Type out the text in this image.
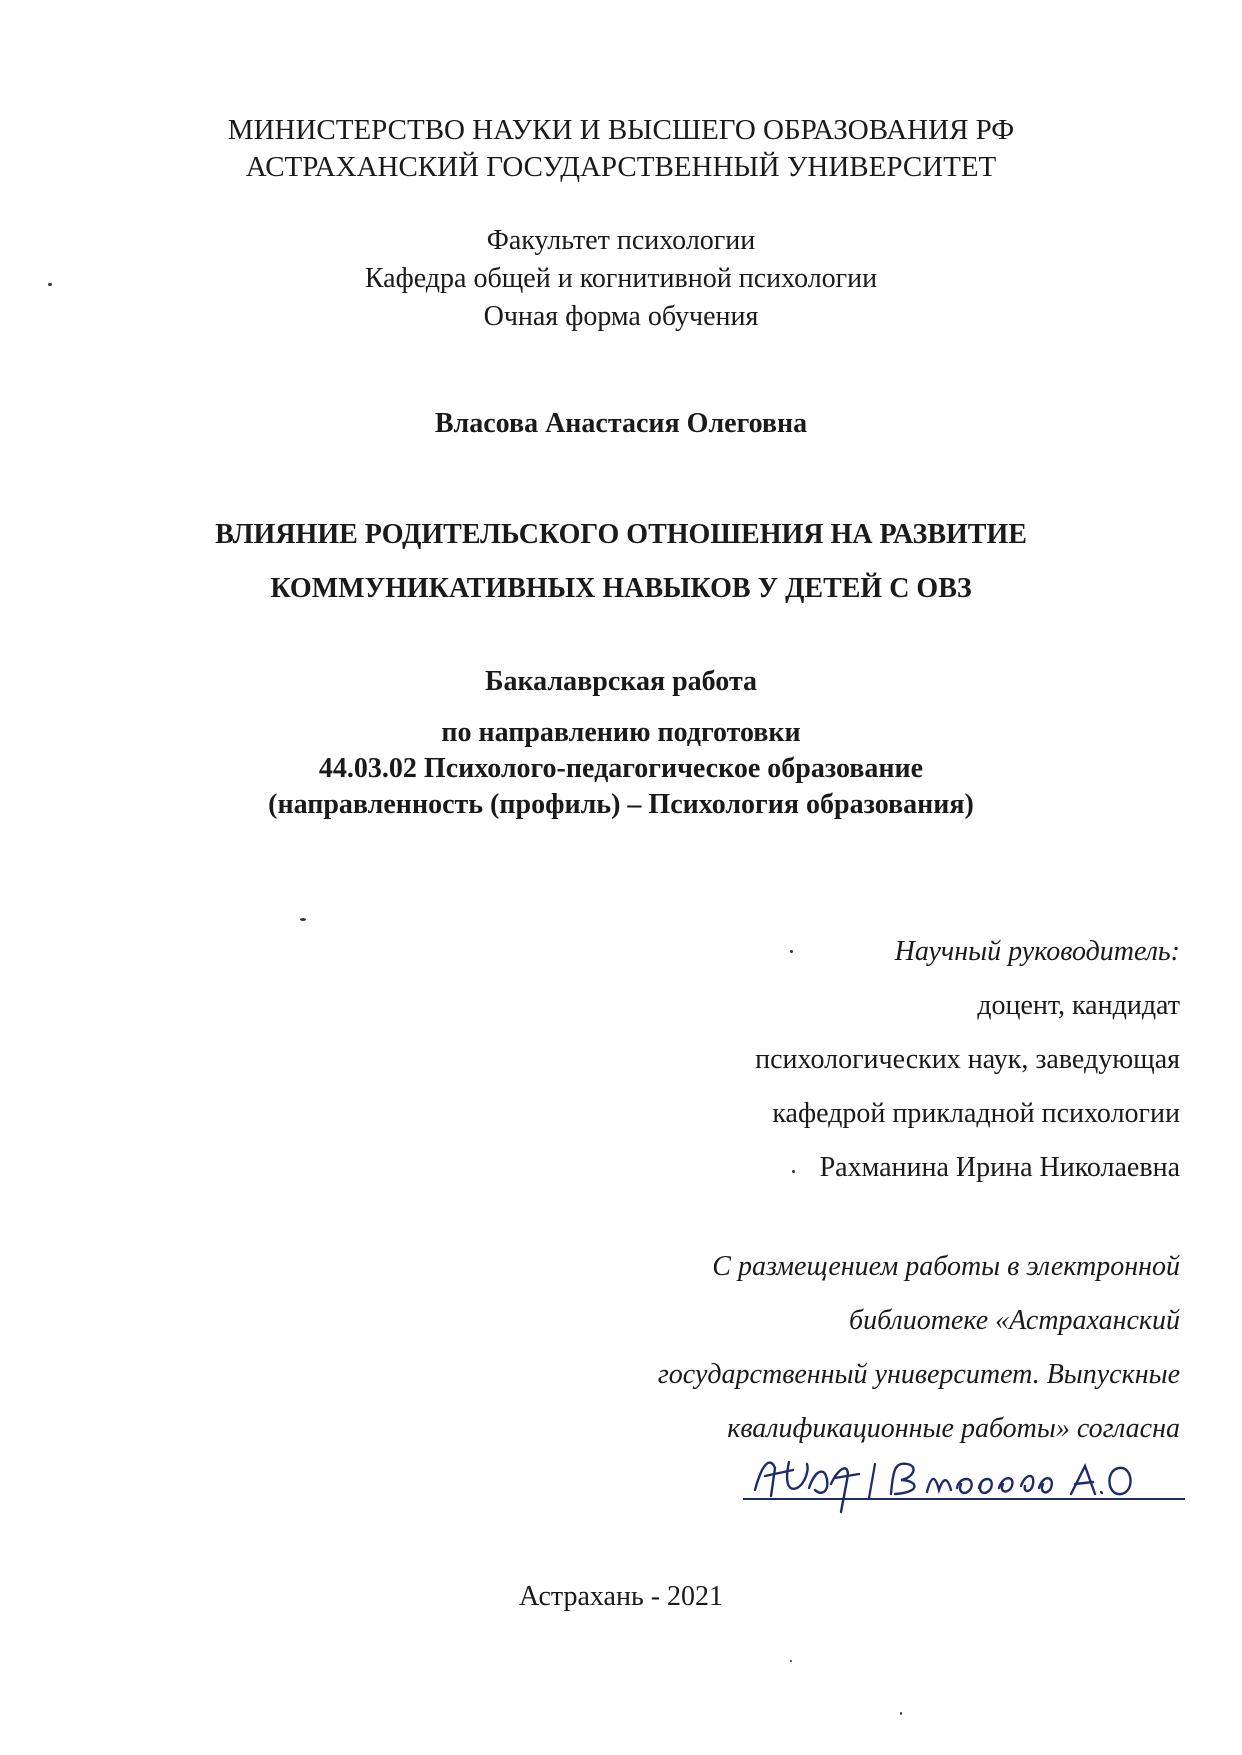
МИНИСТЕРСТВО НАУКИ И ВЫСШЕГО ОБРАЗОВАНИЯ РФ
АСТРАХАНСКИЙ ГОСУДАРСТВЕННЫЙ УНИВЕРСИТЕТ
Факультет психологии
Кафедра общей и когнитивной психологии
Очная форма обучения
Власова Анастасия Олеговна
ВЛИЯНИЕ РОДИТЕЛЬСКОГО ОТНОШЕНИЯ НА РАЗВИТИЕ
КОММУНИКАТИВНЫХ НАВЫКОВ У ДЕТЕЙ С ОВЗ
Бакалаврская работа
по направлению подготовки
44.03.02 Психолого-педагогическое образование
(направленность (профиль) – Психология образования)
Научный руководитель:
доцент, кандидат
психологических наук, заведующая
кафедрой прикладной психологии
Рахманина Ирина Николаевна
С размещением работы в электронной
библиотеке «Астраханский
государственный университет. Выпускные
квалификационные работы» согласна
Астрахань - 2021
